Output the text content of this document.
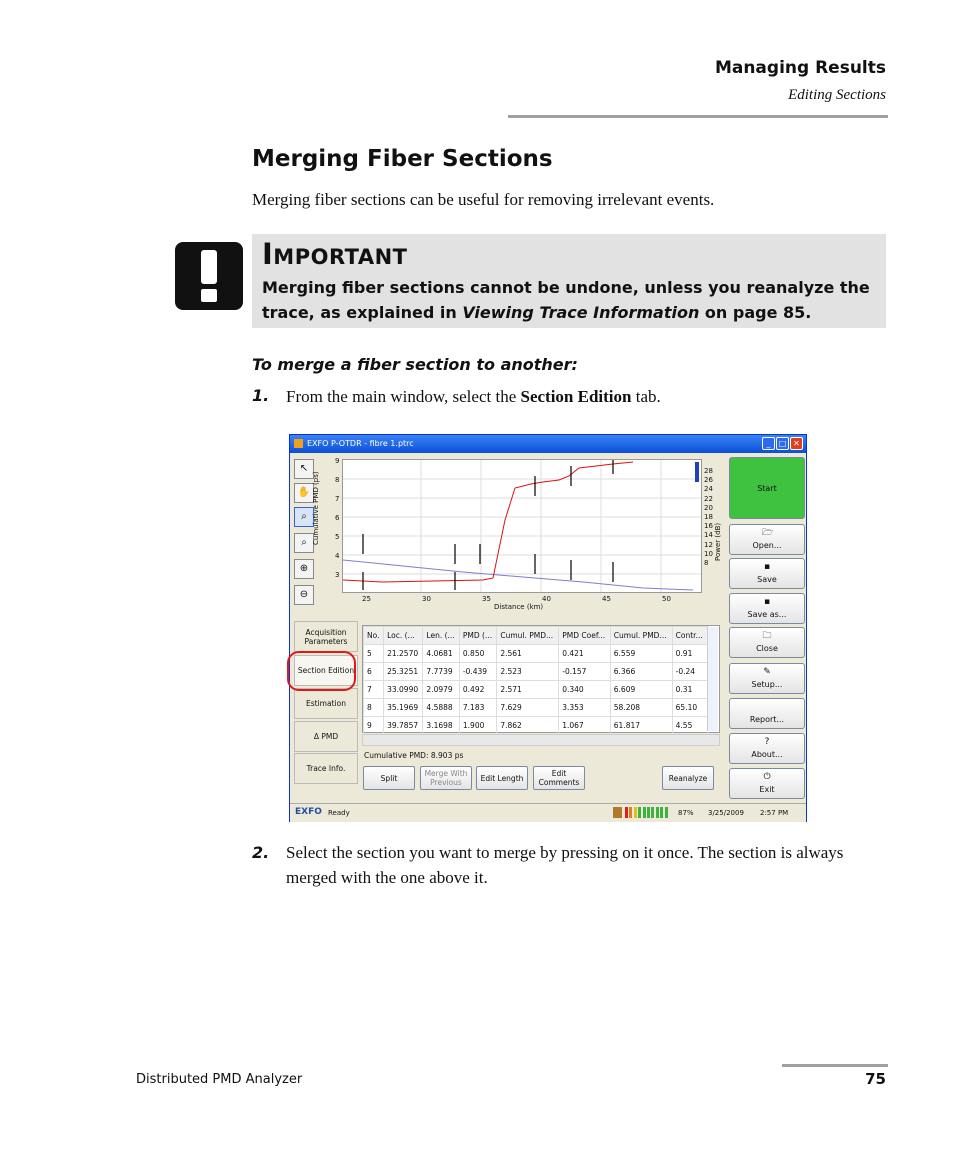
Managing Results
Editing Sections
Merging Fiber Sections
Merging fiber sections can be useful for removing irrelevant events.
IMPORTANT
Merging fiber sections cannot be undone, unless you reanalyze the trace, as explained in Viewing Trace Information on page 85.
To merge a fiber section to another:
1. From the main window, select the Section Edition tab.
EXFO P-OTDR - fibre 1.ptrc	_	□ ✕
↖
✋
⌕
⌕
⊕
⊖
Cumulative PMD (ps)	Power (dB)
Distance (km)
Start
🗁
Open...
▪
Save
▪
Save as...
🗀
Close
✎
Setup...
Report...
?
About...
⏻
Exit
Acquisition Parameters
Section Edition
Estimation
Δ PMD
Trace Info.
No.	Loc. (...	Len. (...	PMD (...	Cumul. PMD...	PMD Coef...	Cumul. PMD...	Contr...
5	21.2570	4.0681	0.850	2.561	0.421	6.559	0.91
6	25.3251	7.7739	-0.439	2.523	-0.157	6.366	-0.24
7	33.0990	2.0979	0.492	2.571	0.340	6.609	0.31
8	35.1969	4.5888	7.183	7.629	3.353	58.208	65.10
9	39.7857	3.1698	1.900	7.862	1.067	61.817	4.55
Cumulative PMD: 8.903 ps
Split	Merge With Previous	Edit Length	Edit Comments	Reanalyze
EXFO Ready	87% 3/25/2009 2:57 PM
25	30	35	40	45	50
9
8
7
6
5
4
3
28
26
24
22
20
18
16
14
12
10
8
2. Select the section you want to merge by pressing on it once. The section is always merged with the one above it.
Distributed PMD Analyzer	75
